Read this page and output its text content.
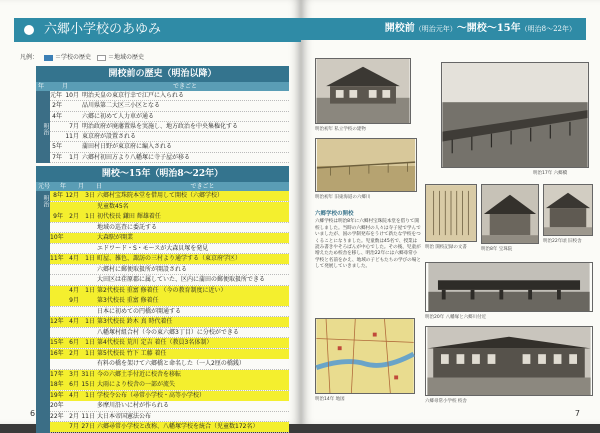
六郷小学校のあゆみ
凡例：	＝学校の歴史	＝地域の歴史
開校前の歴史（明治以降）
年	月	できごと
明治
元年 10月 明治天皇の東京行幸で江戸に入られる
2年	品川県第二大区三小区となる
4年	六郷に初めて人力車が通る
7月 明治政府が廃藩置県を実施し、地方政治を中央集権化する
11月 東京府が設置される
5年	蒲田村日野が東京府に編入される
7年	1月 六郷村初田方より八幡塚に寺子屋が移る
開校～15年（明治8～22年）
元号	年	月	日	できごと
明治 8年 12月	3日 六郷村宝珠院本堂を借用して開校（六郷学校）
児童数45名
9年	2月	1日 初代校長 鎌田 輝雄着任
地域の巡査に委託する
10年	大森駅が開業
エドワード・S・モースが大森貝塚を発見
11年 4月	1日 町屋、雑色、諏訪の三村より通学する（東京府学区）
六郷村に郵便取扱所が開設される
大田区は荏原郡に属していた、区内に蒲田の郵便取扱所できる
4月	1日 第2代校長 重富 修着任 （今の教育制度に近い）
9月	第3代校長 重富 修着任
日本に初めての円橋が開通する
12年 4月	1日 第3代校長 鈴木 真 時代着任
八幡塚村組合村（今の東六郷3丁目）に分校ができる
15年 6月	1日 第4代校長 荒川 定吉 着任（教員3名体制）
16年 2月	1日 第5代校長 竹下 工藤 着任
有料の橋を架けて六郷橋と命名した（一人2厘の橋銭）
17年 3月 31日 今の六郷土手付近に校舎を移転
18年 6月 15日 大雨により校舎の一部が流失
19年 4月	1日 学校令公布（尋常小学校・高等小学校）
20年	多摩川沿いに村が作られる
22年 2月 11日 大日本帝国憲法公布
7月 27日 六郷尋常小学校と改称、八幡塚学校を統合（児童数172名）
6
開校前（明治元年）～開校～15年（明治8～22年）
明治初年 私立学校の建物
明治17年 六郷橋
明治初年 旧東海道の六郷川
明治 開校記録の文書	明治8年 宝珠院
明治22年頃 旧校舎
六郷学校の開校
六郷学校は明治8年に六郷村宝珠院本堂を借りて開校しました。当時の六郷村の人々は寺子屋で学んでいましたが、国の学制発布をうけて新たな学校をつくることになりました。児童数は45名で、授業は読み書きやそろばんが中心でした。その後、児童が増えたため校舎を移し、明治22年には六郷尋常小学校と名前をかえ、地域の子どもたちの学びの場として発展していきました。
明治20年 八幡塚と六郷川付近
明治14年 地図	六郷尋常小学校 校舎
7
